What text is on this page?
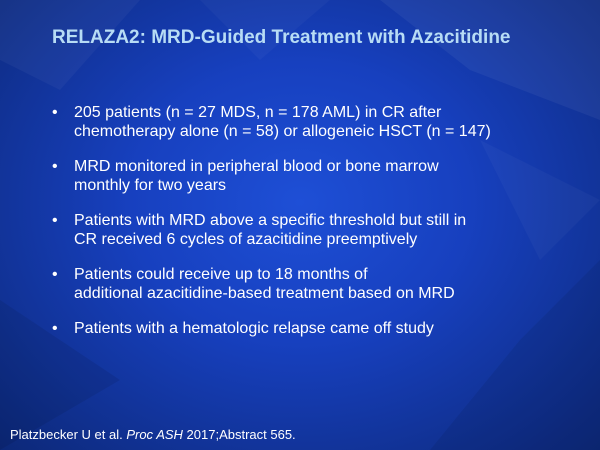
RELAZA2: MRD-Guided Treatment with Azacitidine
• 205 patients (n = 27 MDS, n = 178 AML) in CR after
chemotherapy alone (n = 58) or allogeneic HSCT (n = 147)
• MRD monitored in peripheral blood or bone marrow
monthly for two years
• Patients with MRD above a specific threshold but still in
CR received 6 cycles of azacitidine preemptively
• Patients could receive up to 18 months of
additional azacitidine-based treatment based on MRD
• Patients with a hematologic relapse came off study
Platzbecker U et al. Proc ASH 2017;Abstract 565.
